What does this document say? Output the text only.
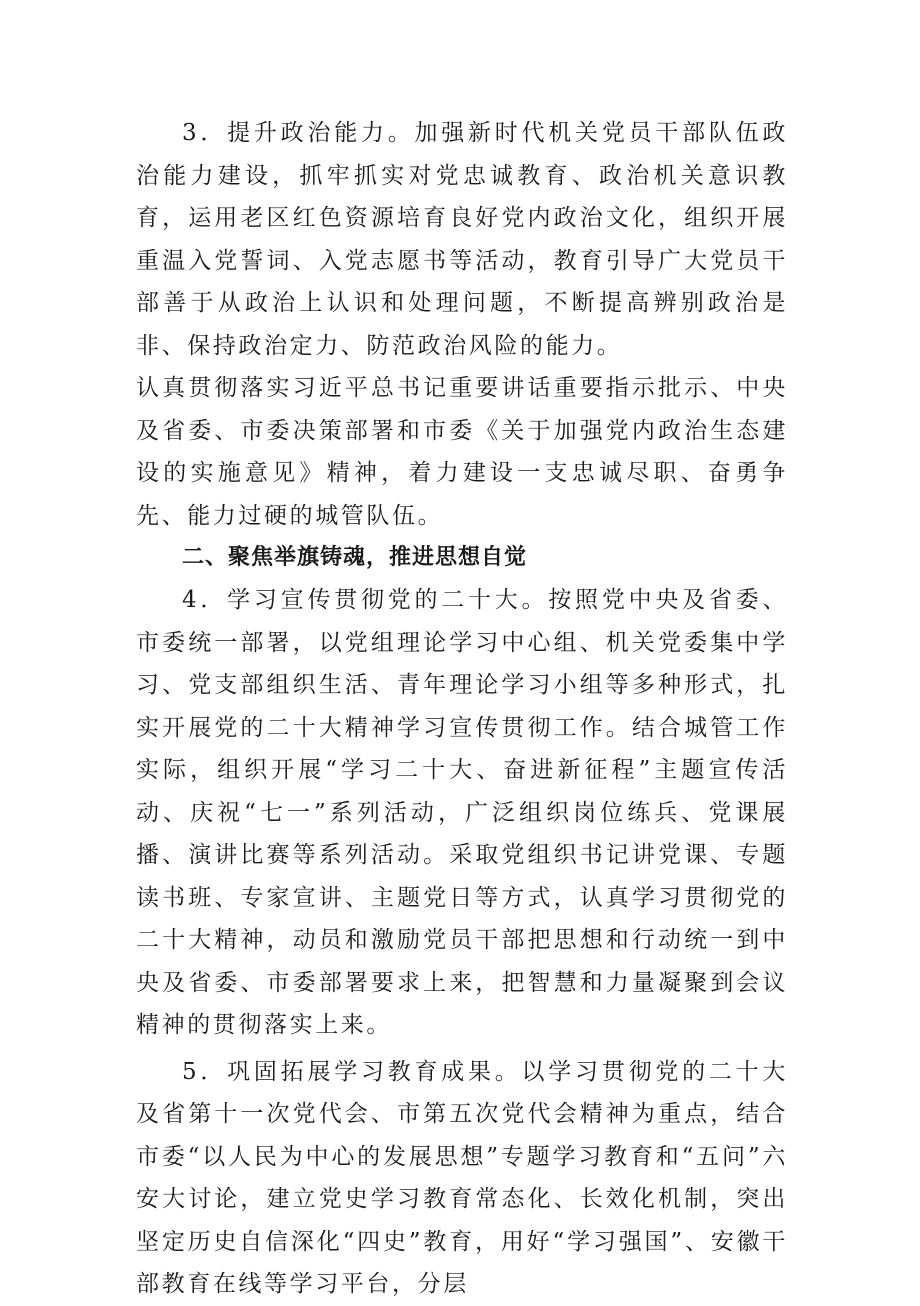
3．提升政治能力。加强新时代机关党员干部队伍政治能力建设，抓牢抓实对党忠诚教育、政治机关意识教育，运用老区红色资源培育良好党内政治文化，组织开展重温入党誓词、入党志愿书等活动，教育引导广大党员干部善于从政治上认识和处理问题，不断提高辨别政治是非、保持政治定力、防范政治风险的能力。

认真贯彻落实习近平总书记重要讲话重要指示批示、中央及省委、市委决策部署和市委《关于加强党内政治生态建设的实施意见》精神，着力建设一支忠诚尽职、奋勇争先、能力过硬的城管队伍。

二、聚焦举旗铸魂，推进思想自觉

4．学习宣传贯彻党的二十大。按照党中央及省委、市委统一部署，以党组理论学习中心组、机关党委集中学习、党支部组织生活、青年理论学习小组等多种形式，扎实开展党的二十大精神学习宣传贯彻工作。结合城管工作实际，组织开展“学习二十大、奋进新征程”主题宣传活动、庆祝“七一”系列活动，广泛组织岗位练兵、党课展播、演讲比赛等系列活动。采取党组织书记讲党课、专题读书班、专家宣讲、主题党日等方式，认真学习贯彻党的二十大精神，动员和激励党员干部把思想和行动统一到中央及省委、市委部署要求上来，把智慧和力量凝聚到会议精神的贯彻落实上来。

5．巩固拓展学习教育成果。以学习贯彻党的二十大及省第十一次党代会、市第五次党代会精神为重点，结合市委“以人民为中心的发展思想”专题学习教育和“五问”六安大讨论，建立党史学习教育常态化、长效化机制，突出坚定历史自信深化“四史”教育，用好“学习强国”、安徽干部教育在线等学习平台，分层
